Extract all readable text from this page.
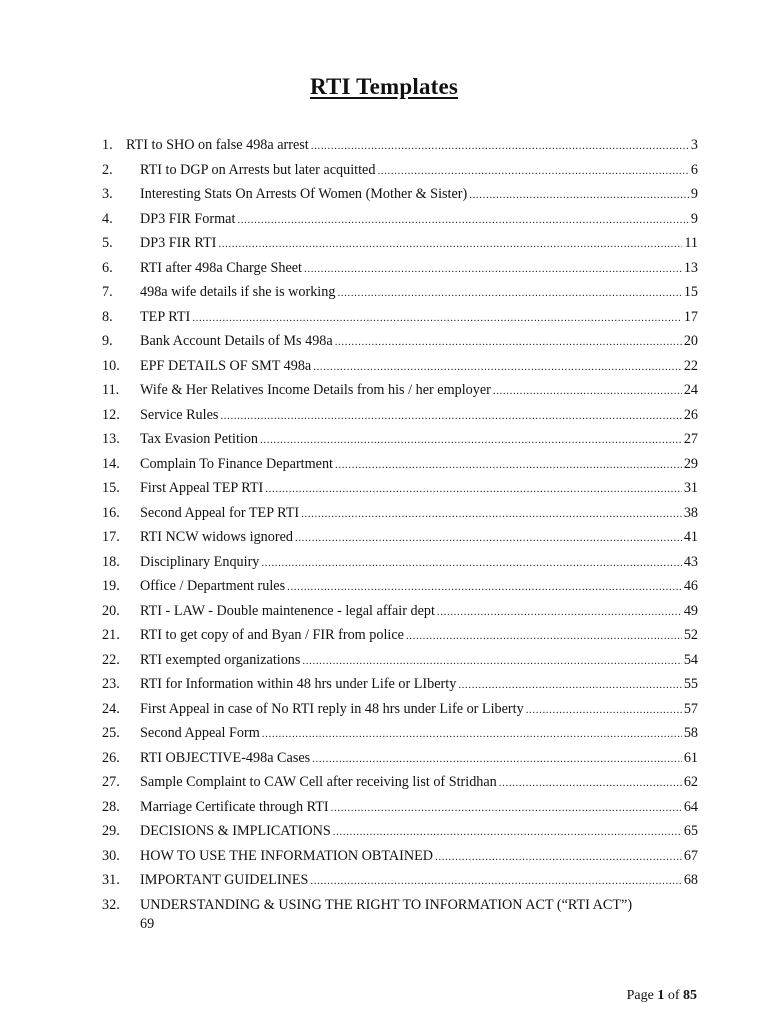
RTI Templates
1. RTI to SHO on false 498a arrest .....	3
2.	RTI to DGP on Arrests but later acquitted .....	6
3.	Interesting Stats On Arrests Of Women (Mother & Sister) .....	9
4.	DP3 FIR Format .....	9
5.	DP3 FIR RTI .....	11
6.	RTI after 498a Charge Sheet .....	13
7.	498a wife details if she is working .....	15
8.	TEP RTI .....	17
9.	Bank Account Details of Ms 498a .....	20
10.	EPF DETAILS OF SMT 498a .....	22
11.	Wife & Her Relatives Income Details from his / her employer .....	24
12.	Service Rules .....	26
13.	Tax Evasion Petition .....	27
14.	Complain To Finance Department .....	29
15.	First Appeal TEP RTI .....	31
16.	Second Appeal for TEP RTI .....	38
17.	RTI NCW widows ignored .....	41
18.	Disciplinary Enquiry .....	43
19.	Office / Department rules .....	46
20.	RTI - LAW - Double maintenence - legal affair dept .....	49
21.	RTI to get copy of and Byan / FIR from police .....	52
22.	RTI exempted organizations .....	54
23.	RTI for Information within 48 hrs under Life or LIberty .....	55
24.	First Appeal in case of No RTI reply in 48 hrs under Life or Liberty .....	57
25.	Second Appeal Form .....	58
26.	RTI OBJECTIVE-498a Cases .....	61
27.	Sample Complaint to CAW Cell after receiving list of Stridhan .....	62
28.	Marriage Certificate through RTI .....	64
29.	DECISIONS & IMPLICATIONS .....	65
30.	HOW TO USE THE INFORMATION OBTAINED .....	67
31.	IMPORTANT GUIDELINES .....	68
32.	UNDERSTANDING & USING THE RIGHT TO INFORMATION ACT (“RTI ACT”)
69
Page 1 of 85
